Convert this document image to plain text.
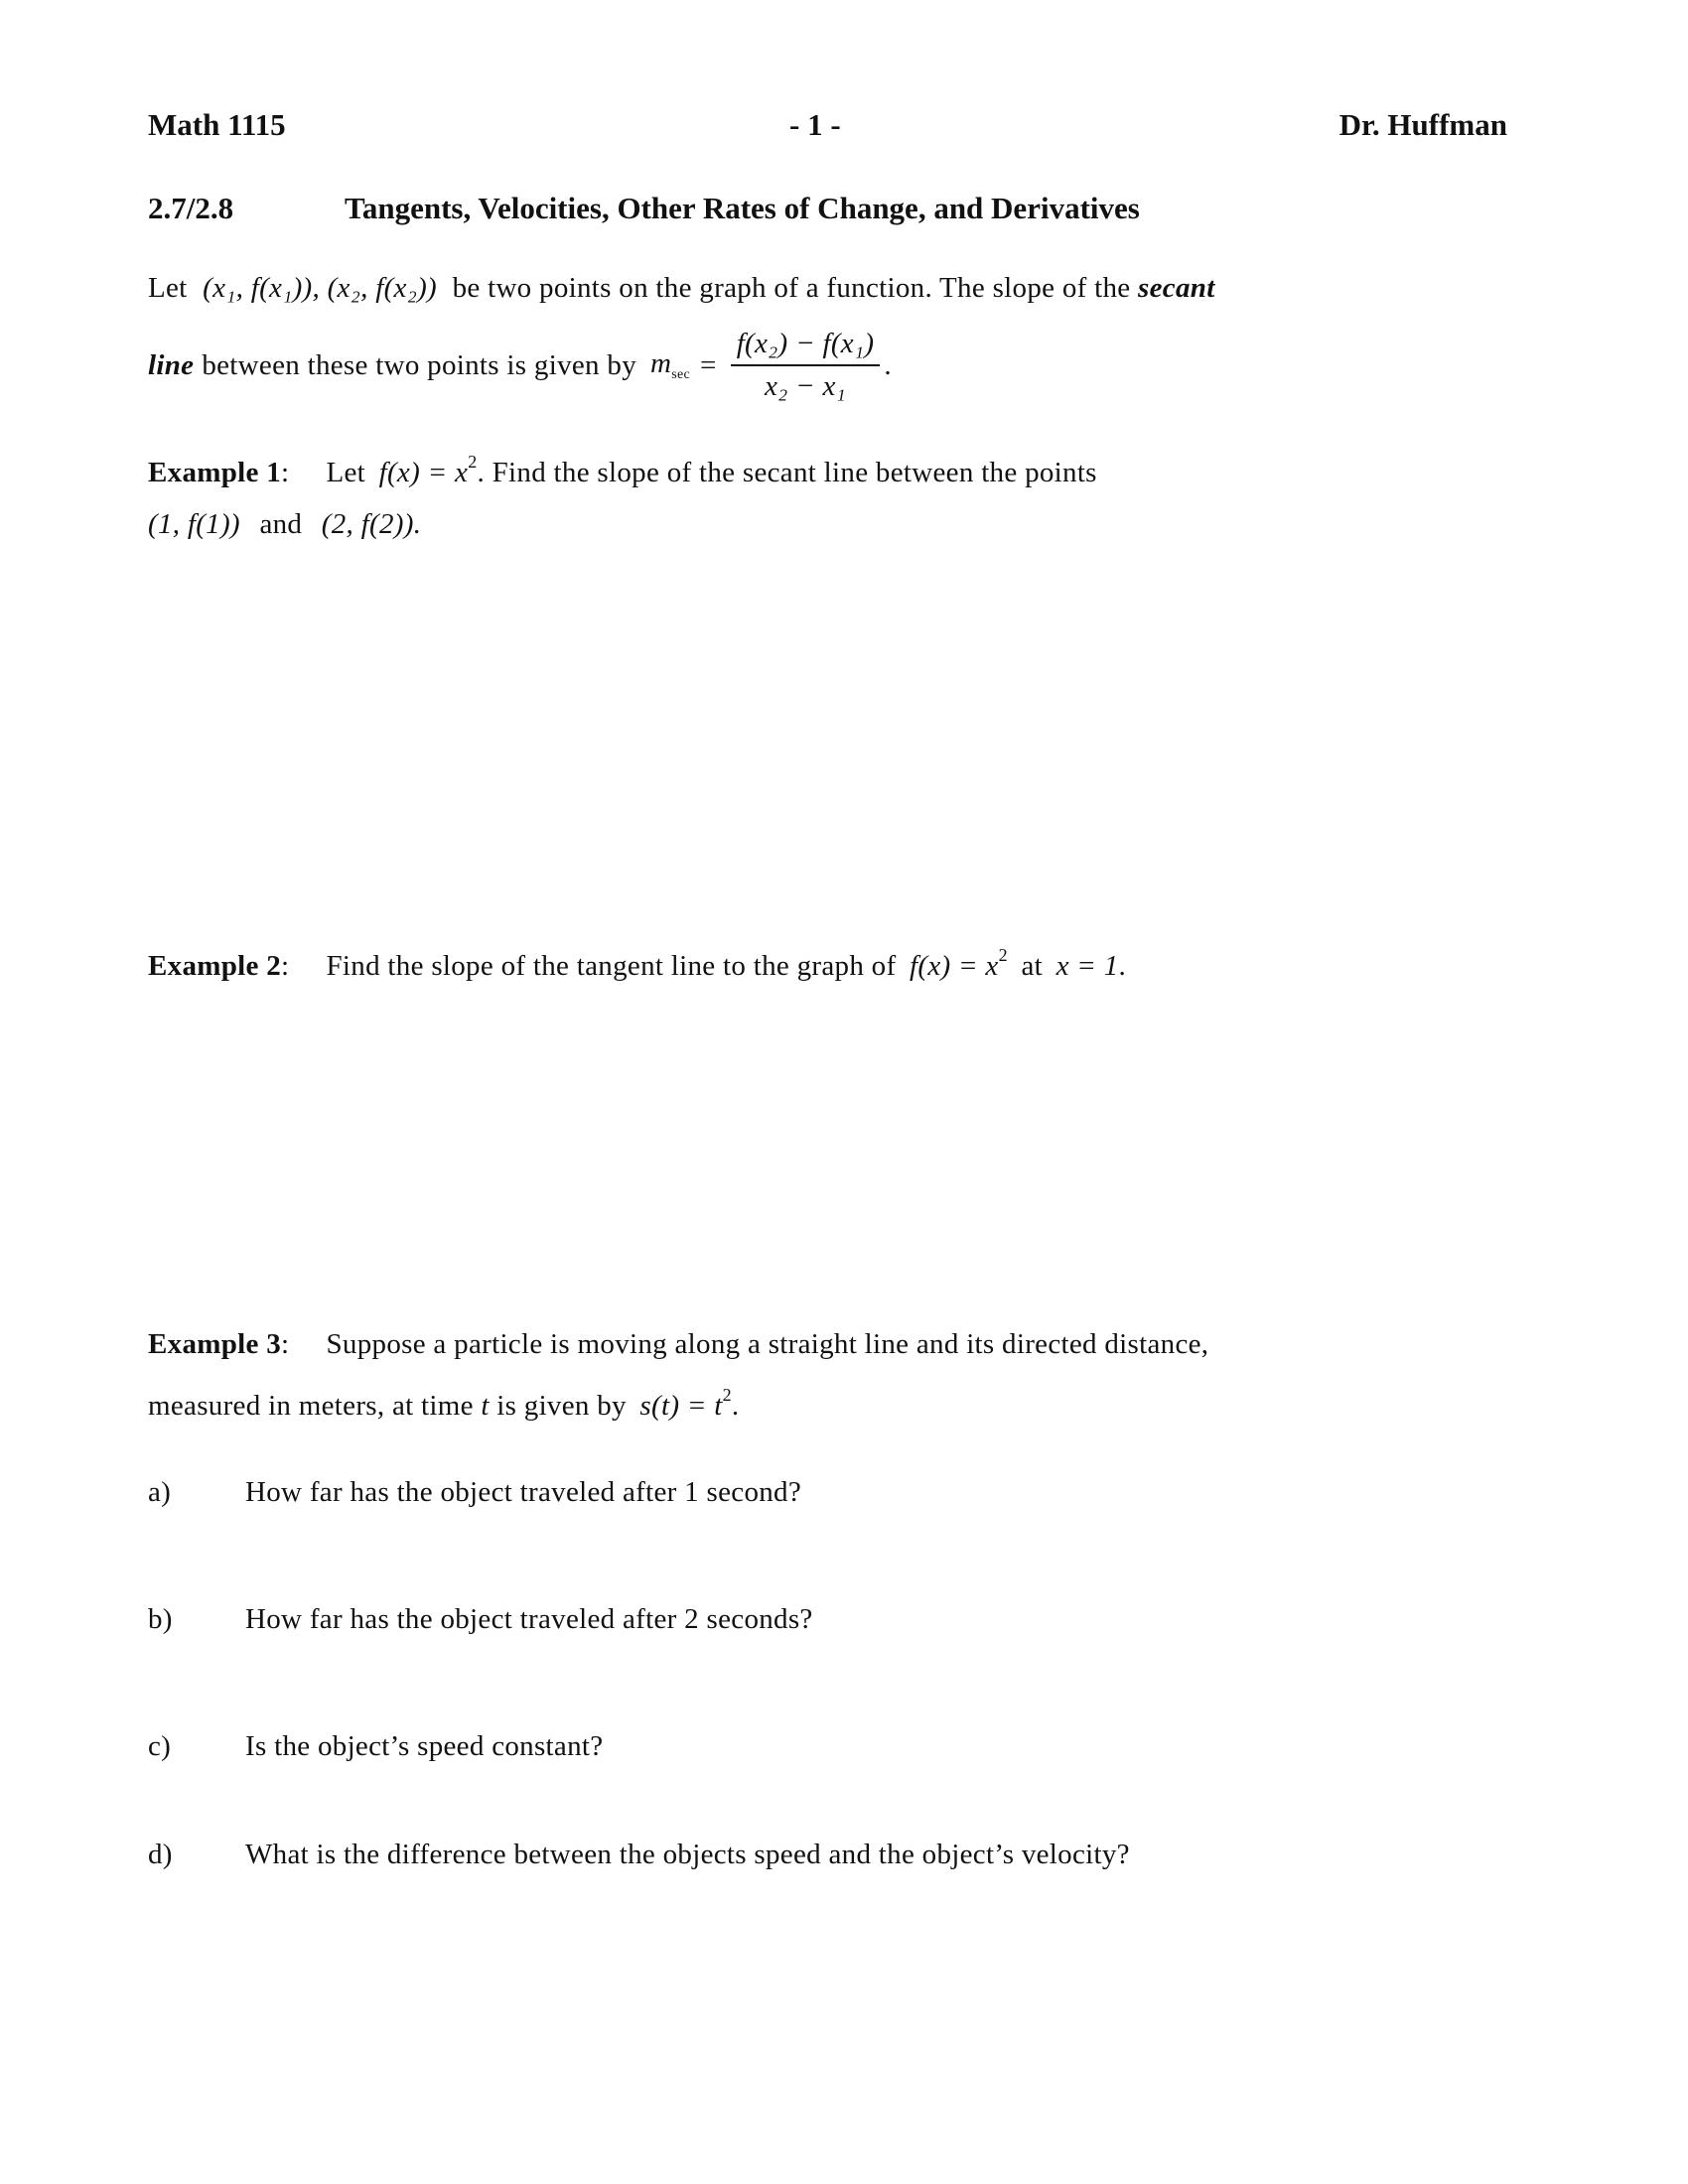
Math 1115	- 1 -	Dr. Huffman
2.7/2.8	Tangents, Velocities, Other Rates of Change, and Derivatives
Let (x₁, f(x₁)), (x₂, f(x₂)) be two points on the graph of a function. The slope of the secant
line between these two points is given by $m_{sec} = \frac{\text{f(x₂) − f(x₁)}}{\text{x₂ − x₁}}$ .
Example 1: Let $f(x) = x^2$. Find the slope of the secant line between the points
(1, f(1)) and (2, f(2)).
Example 2: Find the slope of the tangent line to the graph of $f(x) = x^2$ at x = 1.
Example 3: Suppose a particle is moving along a straight line and its directed distance,
measured in meters, at time t is given by $s(t) = t^2$.
a)	How far has the object traveled after 1 second?
b)	How far has the object traveled after 2 seconds?
c)	Is the object’s speed constant?
d)	What is the difference between the objects speed and the object’s velocity?
